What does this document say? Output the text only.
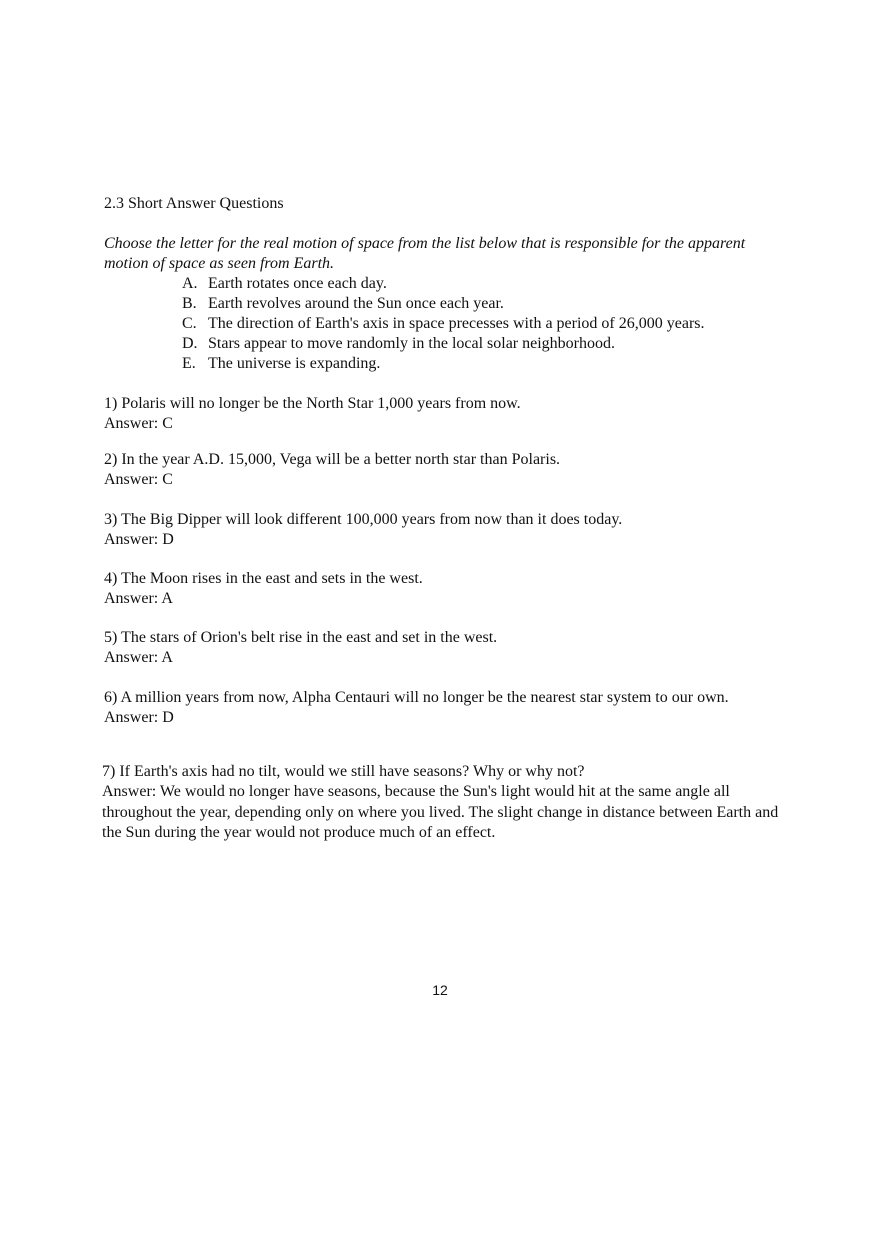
2.3 Short Answer Questions
Choose the letter for the real motion of space from the list below that is responsible for the apparent motion of space as seen from Earth.
A. Earth rotates once each day.
B. Earth revolves around the Sun once each year.
C. The direction of Earth's axis in space precesses with a period of 26,000 years.
D. Stars appear to move randomly in the local solar neighborhood.
E. The universe is expanding.
1) Polaris will no longer be the North Star 1,000 years from now.
Answer: C
2) In the year A.D. 15,000, Vega will be a better north star than Polaris.
Answer: C
3) The Big Dipper will look different 100,000 years from now than it does today.
Answer: D
4) The Moon rises in the east and sets in the west.
Answer: A
5) The stars of Orion's belt rise in the east and set in the west.
Answer: A
6) A million years from now, Alpha Centauri will no longer be the nearest star system to our own.
Answer: D
7) If Earth's axis had no tilt, would we still have seasons? Why or why not?
Answer: We would no longer have seasons, because the Sun's light would hit at the same angle all throughout the year, depending only on where you lived. The slight change in distance between Earth and the Sun during the year would not produce much of an effect.
12
